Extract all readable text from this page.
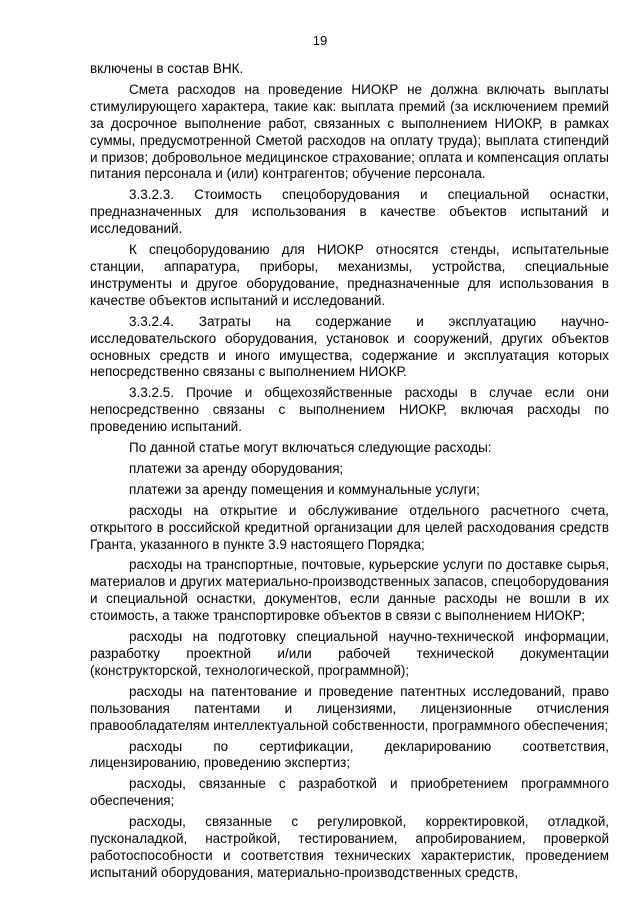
19

включены в состав ВНК.

Смета расходов на проведение НИОКР не должна включать выплаты стимулирующего характера, такие как: выплата премий (за исключением премий за досрочное выполнение работ, связанных с выполнением НИОКР, в рамках суммы, предусмотренной Сметой расходов на оплату труда); выплата стипендий и призов; добровольное медицинское страхование; оплата и компенсация оплаты питания персонала и (или) контрагентов; обучение персонала.

3.3.2.3. Стоимость спецоборудования и специальной оснастки, предназначенных для использования в качестве объектов испытаний и исследований.

К спецоборудованию для НИОКР относятся стенды, испытательные станции, аппаратура, приборы, механизмы, устройства, специальные инструменты и другое оборудование, предназначенные для использования в качестве объектов испытаний и исследований.

3.3.2.4. Затраты на содержание и эксплуатацию научно-исследовательского оборудования, установок и сооружений, других объектов основных средств и иного имущества, содержание и эксплуатация которых непосредственно связаны с выполнением НИОКР.

3.3.2.5. Прочие и общехозяйственные расходы в случае если они непосредственно связаны с выполнением НИОКР, включая расходы по проведению испытаний.

По данной статье могут включаться следующие расходы:

платежи за аренду оборудования;

платежи за аренду помещения и коммунальные услуги;

расходы на открытие и обслуживание отдельного расчетного счета, открытого в российской кредитной организации для целей расходования средств Гранта, указанного в пункте 3.9 настоящего Порядка;

расходы на транспортные, почтовые, курьерские услуги по доставке сырья, материалов и других материально-производственных запасов, спецоборудования и специальной оснастки, документов, если данные расходы не вошли в их стоимость, а также транспортировке объектов в связи с выполнением НИОКР;

расходы на подготовку специальной научно-технической информации, разработку проектной и/или рабочей технической документации (конструкторской, технологической, программной);

расходы на патентование и проведение патентных исследований, право пользования патентами и лицензиями, лицензионные отчисления правообладателям интеллектуальной собственности, программного обеспечения;

расходы по сертификации, декларированию соответствия, лицензированию, проведению экспертиз;

расходы, связанные с разработкой и приобретением программного обеспечения;

расходы, связанные с регулировкой, корректировкой, отладкой, пусконаладкой, настройкой, тестированием, апробированием, проверкой работоспособности и соответствия технических характеристик, проведением испытаний оборудования, материально-производственных средств,
